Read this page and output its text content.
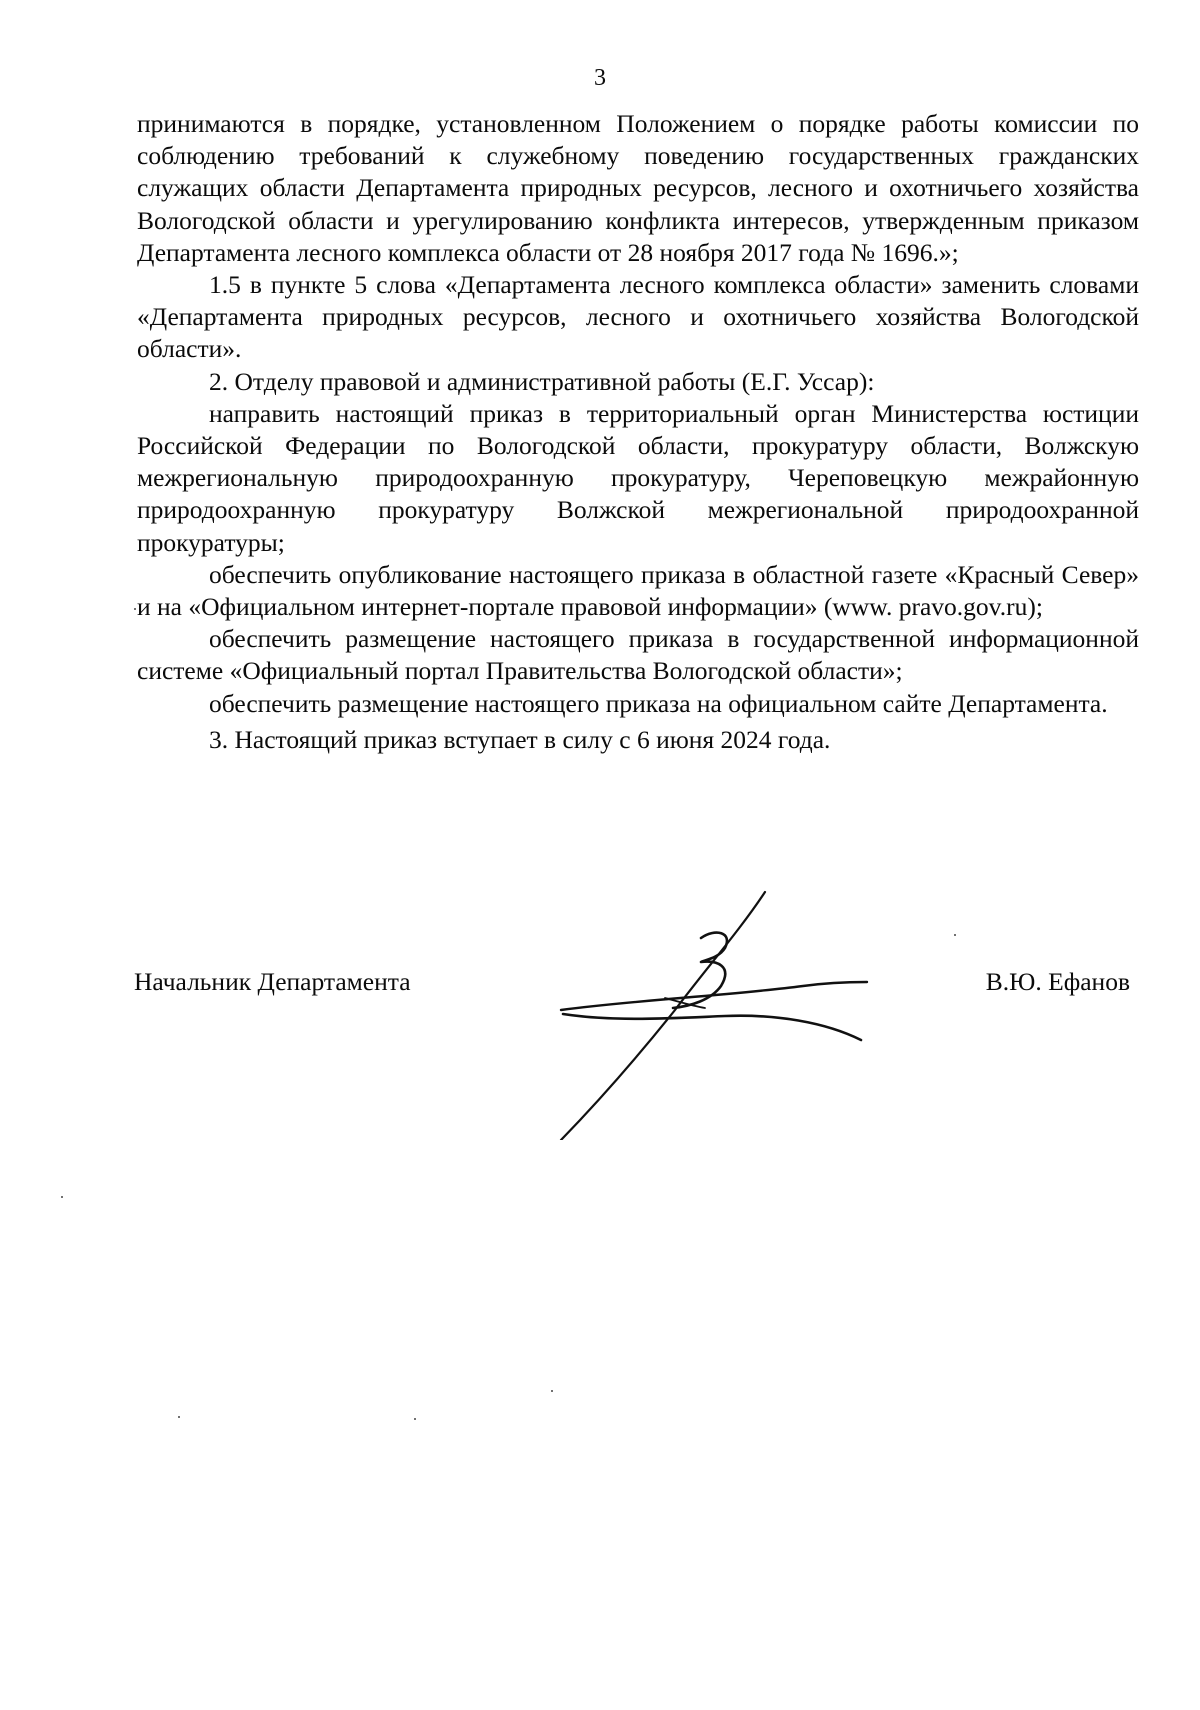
3

принимаются в порядке, установленном Положением о порядке работы комиссии по соблюдению требований к служебному поведению государственных гражданских служащих области Департамента природных ресурсов, лесного и охотничьего хозяйства Вологодской области и урегулированию конфликта интересов, утвержденным приказом Департамента лесного комплекса области от 28 ноября 2017 года № 1696.»;

1.5 в пункте 5 слова «Департамента лесного комплекса области» заменить словами «Департамента природных ресурсов, лесного и охотничьего хозяйства Вологодской области».

2. Отделу правовой и административной работы (Е.Г. Уссар):

направить настоящий приказ в территориальный орган Министерства юстиции Российской Федерации по Вологодской области, прокуратуру области, Волжскую межрегиональную природоохранную прокуратуру, Череповецкую межрайонную природоохранную прокуратуру Волжской межрегиональной природоохранной прокуратуры;

обеспечить опубликование настоящего приказа в областной газете «Красный Север» и на «Официальном интернет-портале правовой информации» (www. pravo.gov.ru);

обеспечить размещение настоящего приказа в государственной информационной системе «Официальный портал Правительства Вологодской области»;

обеспечить размещение настоящего приказа на официальном сайте Департамента.

3. Настоящий приказ вступает в силу с 6 июня 2024 года.

Начальник Департамента	В.Ю. Ефанов
